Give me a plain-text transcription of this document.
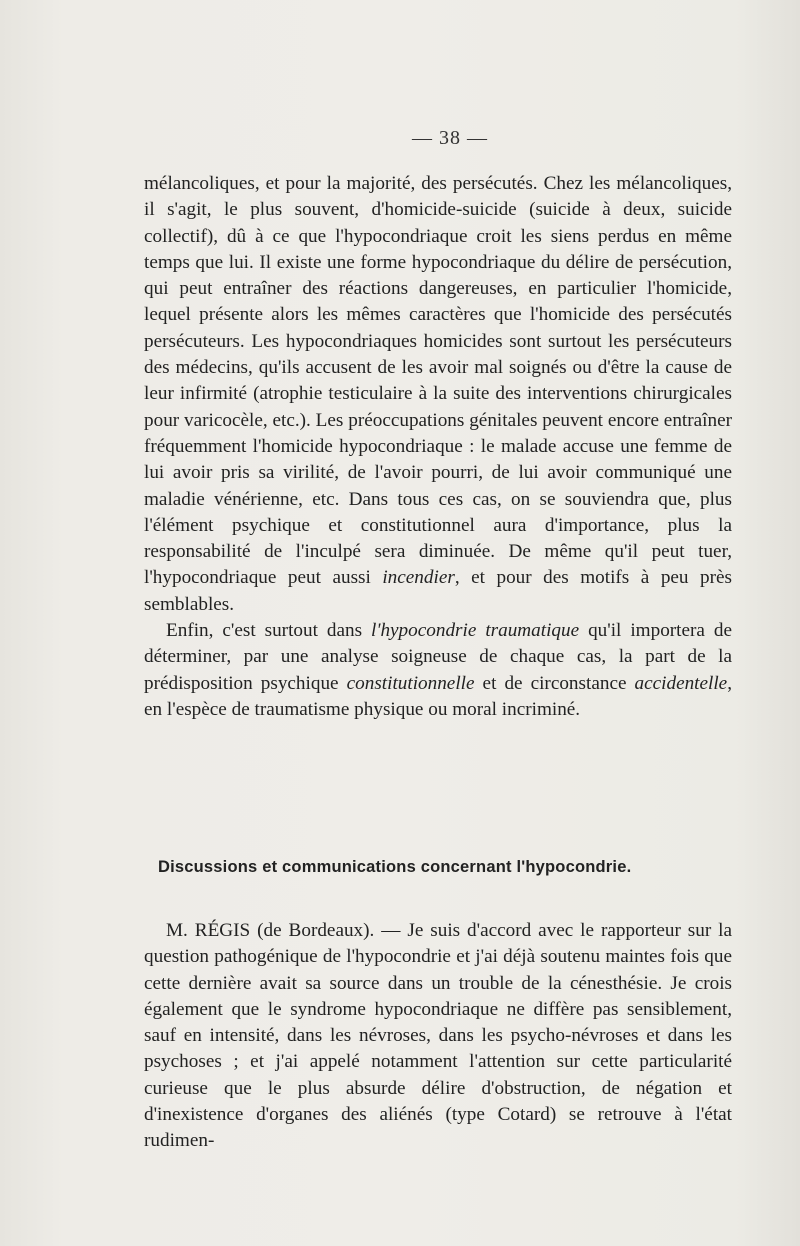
— 38 —

mélancoliques, et pour la majorité, des persécutés. Chez les mélancoliques, il s'agit, le plus souvent, d'homicide-suicide (suicide à deux, suicide collectif), dû à ce que l'hypocondriaque croit les siens perdus en même temps que lui. Il existe une forme hypocondriaque du délire de persécution, qui peut entraîner des réactions dangereuses, en particulier l'homicide, lequel présente alors les mêmes caractères que l'homicide des persécutés persécuteurs. Les hypocondriaques homicides sont surtout les persécuteurs des médecins, qu'ils accusent de les avoir mal soignés ou d'être la cause de leur infirmité (atrophie testiculaire à la suite des interventions chirurgicales pour varicocèle, etc.). Les préoccupations génitales peuvent encore entraîner fréquemment l'homicide hypocondriaque : le malade accuse une femme de lui avoir pris sa virilité, de l'avoir pourri, de lui avoir communiqué une maladie vénérienne, etc. Dans tous ces cas, on se souviendra que, plus l'élément psychique et constitutionnel aura d'importance, plus la responsabilité de l'inculpé sera diminuée. De même qu'il peut tuer, l'hypocondriaque peut aussi incendier, et pour des motifs à peu près semblables.

Enfin, c'est surtout dans l'hypocondrie traumatique qu'il importera de déterminer, par une analyse soigneuse de chaque cas, la part de la prédisposition psychique constitutionnelle et de circonstance accidentelle, en l'espèce de traumatisme physique ou moral incriminé.

Discussions et communications concernant l'hypocondrie.

M. RÉGIS (de Bordeaux). — Je suis d'accord avec le rapporteur sur la question pathogénique de l'hypocondrie et j'ai déjà soutenu maintes fois que cette dernière avait sa source dans un trouble de la cénesthésie. Je crois également que le syndrome hypocondriaque ne diffère pas sensiblement, sauf en intensité, dans les névroses, dans les psycho-névroses et dans les psychoses ; et j'ai appelé notamment l'attention sur cette particularité curieuse que le plus absurde délire d'obstruction, de négation et d'inexistence d'organes des aliénés (type Cotard) se retrouve à l'état rudimen-
